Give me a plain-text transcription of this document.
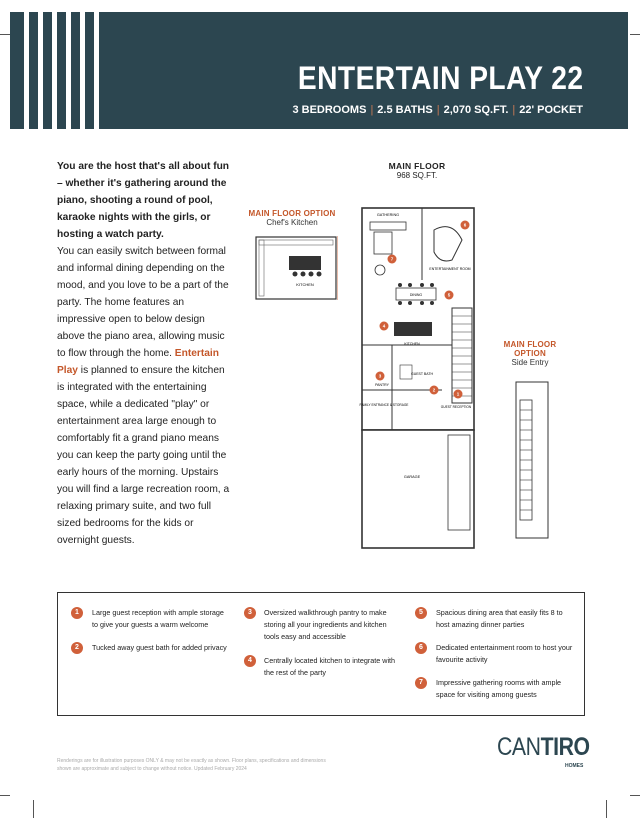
ENTERTAIN PLAY 22
3 BEDROOMS | 2.5 BATHS | 2,070 SQ.FT. | 22' POCKET
You are the host that's all about fun – whether it's gathering around the piano, shooting a round of pool, karaoke nights with the girls, or hosting a watch party.
You can easily switch between formal and informal dining depending on the mood, and you love to be a part of the party. The home features an impressive open to below design above the piano area, allowing music to flow through the home. Entertain Play is planned to ensure the kitchen is integrated with the entertaining space, while a dedicated "play" or entertainment area large enough to comfortably fit a grand piano means you can keep the party going until the early hours of the morning. Upstairs you will find a large recreation room, a relaxing primary suite, and two full sized bedrooms for the kids or overnight guests.
MAIN FLOOR
968 SQ.FT.
MAIN FLOOR OPTION
Chef's Kitchen
MAIN FLOOR
OPTION
Side Entry
KITCHEN
GATHERING
ENTERTAINMENT ROOM
DINING
KITCHEN
PANTRY
GUEST BATH
FAMILY ENTRANCE & STORAGE	GUEST RECEPTION
GARAGE
6
7
5
4
3
2
1
1	Large guest reception with ample storage to give your guests a warm welcome
2	Tucked away guest bath for added privacy
3	Oversized walkthrough pantry to make storing all your ingredients and kitchen tools easy and accessible
4	Centrally located kitchen to integrate with the rest of the party
5	Spacious dining area that easily fits 8 to host amazing dinner parties
6	Dedicated entertainment room to host your favourite activity
7	Impressive gathering rooms with ample space for visiting among guests
Renderings are for illustration purposes ONLY & may not be exactly as shown. Floor plans, specifications and dimensions shown are approximate and subject to change without notice. Updated February 2024
CANTIRO
HOMES
